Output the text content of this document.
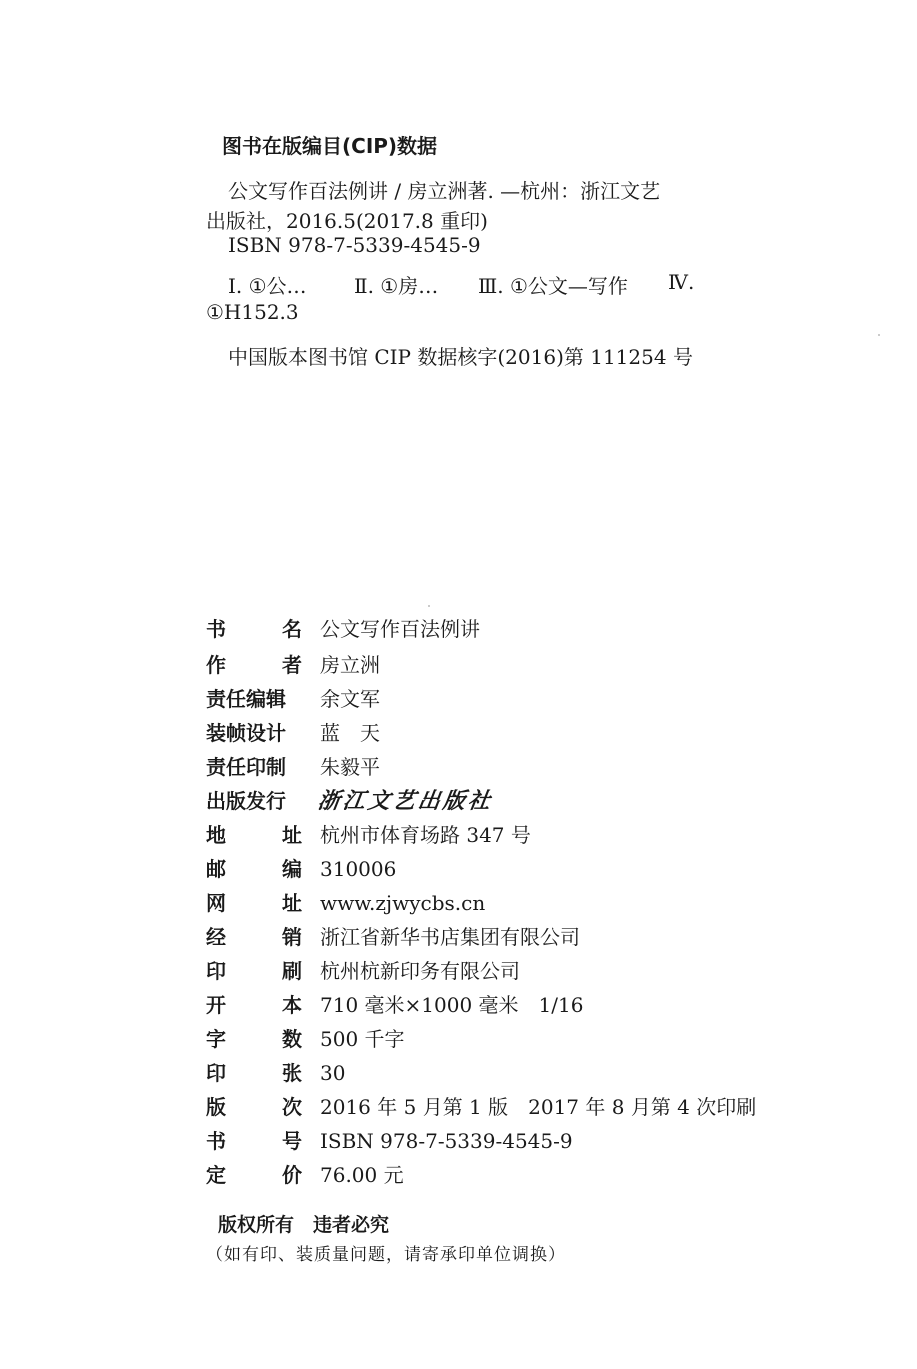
图书在版编目(CIP)数据
公文写作百法例讲 / 房立洲著. —杭州：浙江文艺
出版社，2016.5(2017.8 重印)
ISBN 978-7-5339-4545-9
Ⅰ. ①公… Ⅱ. ①房… Ⅲ. ①公文—写作 Ⅳ.
①H152.3
中国版本图书馆 CIP 数据核字(2016)第 111254 号
书	名 公文写作百法例讲
作	者 房立洲
责任编辑 余文军
装帧设计 蓝　天
责任印制 朱毅平
出版发行 浙江文艺出版社
地	址 杭州市体育场路 347 号
邮	编 310006
网	址 www.zjwycbs.cn
经	销 浙江省新华书店集团有限公司
印	刷 杭州杭新印务有限公司
开	本 710 毫米×1000 毫米　1/16
字	数 500 千字
印	张 30
版	次 2016 年 5 月第 1 版　2017 年 8 月第 4 次印刷
书	号 ISBN 978-7-5339-4545-9
定	价 76.00 元
版权所有　违者必究
（如有印、装质量问题，请寄承印单位调换）
